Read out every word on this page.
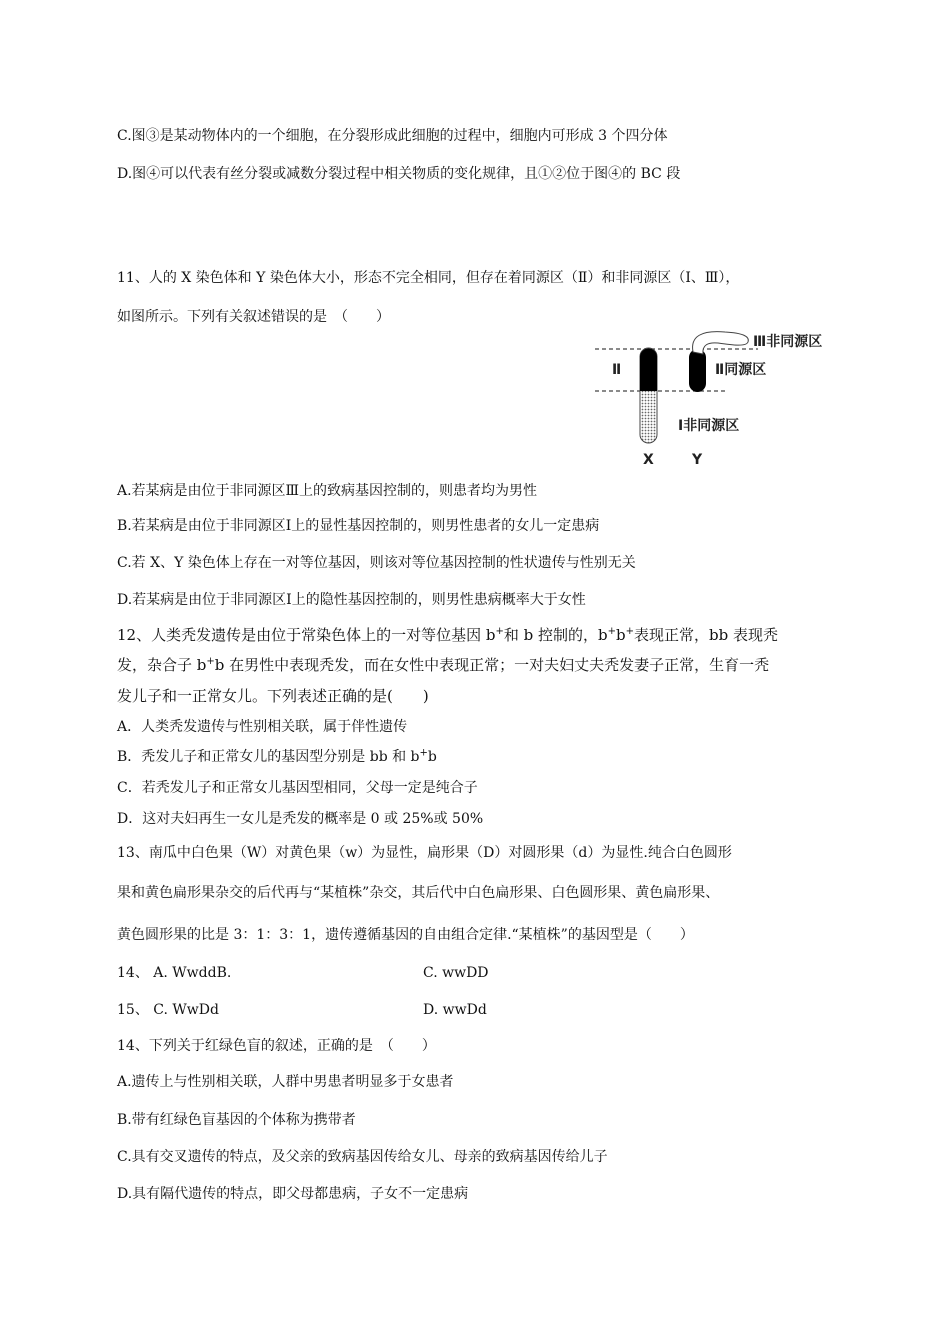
C.图③是某动物体内的一个细胞，在分裂形成此细胞的过程中，细胞内可形成 3 个四分体
D.图④可以代表有丝分裂或减数分裂过程中相关物质的变化规律，且①②位于图④的 BC 段
11、人的 X 染色体和 Y 染色体大小，形态不完全相同，但存在着同源区（Ⅱ）和非同源区（Ⅰ、Ⅲ），
如图所示。下列有关叙述错误的是　（　　）
Ⅲ非同源区
Ⅱ同源区
Ⅰ非同源区
Ⅱ
X	Y
A.若某病是由位于非同源区Ⅲ上的致病基因控制的，则患者均为男性
B.若某病是由位于非同源区Ⅰ上的显性基因控制的，则男性患者的女儿一定患病
C.若 X、Y 染色体上存在一对等位基因，则该对等位基因控制的性状遗传与性别无关
D.若某病是由位于非同源区Ⅰ上的隐性基因控制的，则男性患病概率大于女性
12、人类秃发遗传是由位于常染色体上的一对等位基因 b+和 b 控制的，b+b+表现正常，bb 表现秃
发，杂合子 b+b 在男性中表现秃发，而在女性中表现正常；一对夫妇丈夫秃发妻子正常，生育一秃
发儿子和一正常女儿。下列表述正确的是(　　)
A．人类秃发遗传与性别相关联，属于伴性遗传
B．秃发儿子和正常女儿的基因型分别是 bb 和 b+b
C．若秃发儿子和正常女儿基因型相同，父母一定是纯合子
D．这对夫妇再生一女儿是秃发的概率是 0 或 25%或 50%
13、南瓜中白色果（W）对黄色果（w）为显性，扁形果（D）对圆形果（d）为显性.纯合白色圆形
果和黄色扁形果杂交的后代再与“某植株”杂交，其后代中白色扁形果、白色圆形果、黄色扁形果、
黄色圆形果的比是 3：1：3：1，遗传遵循基因的自由组合定律.“某植株”的基因型是（　　）
14、 A. WwddB.	C. wwDD
15、 C. WwDd	D. wwDd
14、下列关于红绿色盲的叙述，正确的是　（　　）
A.遗传上与性别相关联，人群中男患者明显多于女患者
B.带有红绿色盲基因的个体称为携带者
C.具有交叉遗传的特点，及父亲的致病基因传给女儿、母亲的致病基因传给儿子
D.具有隔代遗传的特点，即父母都患病，子女不一定患病
